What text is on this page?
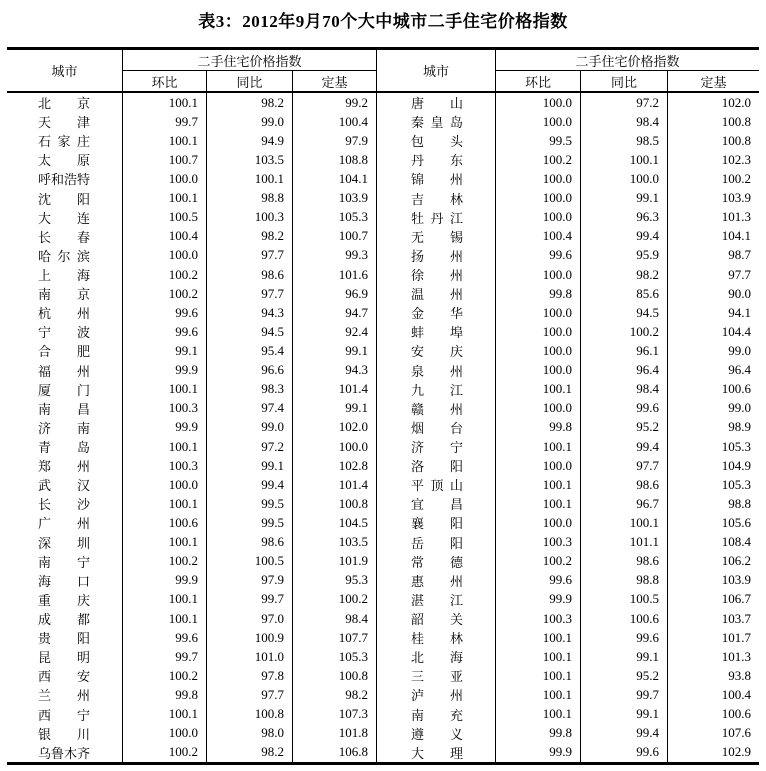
表3：2012年9月70个大中城市二手住宅价格指数
城市
二手住宅价格指数
环比	同比	定基
北 京	100.1	98.2	99.2
天 津	99.7	99.0	100.4
石 家 庄	100.1	94.9	97.9
太 原	100.7	103.5	108.8
呼 和 浩 特	100.0	100.1	104.1
沈 阳	100.1	98.8	103.9
大 连	100.5	100.3	105.3
长 春	100.4	98.2	100.7
哈 尔 滨	100.0	97.7	99.3
上 海	100.2	98.6	101.6
南 京	100.2	97.7	96.9
杭 州	99.6	94.3	94.7
宁 波	99.6	94.5	92.4
合 肥	99.1	95.4	99.1
福 州	99.9	96.6	94.3
厦 门	100.1	98.3	101.4
南 昌	100.3	97.4	99.1
济 南	99.9	99.0	102.0
青 岛	100.1	97.2	100.0
郑 州	100.3	99.1	102.8
武 汉	100.0	99.4	101.4
长 沙	100.1	99.5	100.8
广 州	100.6	99.5	104.5
深 圳	100.1	98.6	103.5
南 宁	100.2	100.5	101.9
海 口	99.9	97.9	95.3
重 庆	100.1	99.7	100.2
成 都	100.1	97.0	98.4
贵 阳	99.6	100.9	107.7
昆 明	99.7	101.0	105.3
西 安	100.2	97.8	100.8
兰 州	99.8	97.7	98.2
西 宁	100.1	100.8	107.3
银 川	100.0	98.0	101.8
乌 鲁 木 齐	100.2	98.2	106.8
城市
二手住宅价格指数
环比	同比	定基
唐 山	100.0	97.2	102.0
秦 皇 岛	100.0	98.4	100.8
包 头	99.5	98.5	100.8
丹 东	100.2	100.1	102.3
锦 州	100.0	100.0	100.2
吉 林	100.0	99.1	103.9
牡 丹 江	100.0	96.3	101.3
无 锡	100.4	99.4	104.1
扬 州	99.6	95.9	98.7
徐 州	100.0	98.2	97.7
温 州	99.8	85.6	90.0
金 华	100.0	94.5	94.1
蚌 埠	100.0	100.2	104.4
安 庆	100.0	96.1	99.0
泉 州	100.0	96.4	96.4
九 江	100.1	98.4	100.6
赣 州	100.0	99.6	99.0
烟 台	99.8	95.2	98.9
济 宁	100.1	99.4	105.3
洛 阳	100.0	97.7	104.9
平 顶 山	100.1	98.6	105.3
宜 昌	100.1	96.7	98.8
襄 阳	100.0	100.1	105.6
岳 阳	100.3	101.1	108.4
常 德	100.2	98.6	106.2
惠 州	99.6	98.8	103.9
湛 江	99.9	100.5	106.7
韶 关	100.3	100.6	103.7
桂 林	100.1	99.6	101.7
北 海	100.1	99.1	101.3
三 亚	100.1	95.2	93.8
泸 州	100.1	99.7	100.4
南 充	100.1	99.1	100.6
遵 义	99.8	99.4	107.6
大 理	99.9	99.6	102.9
